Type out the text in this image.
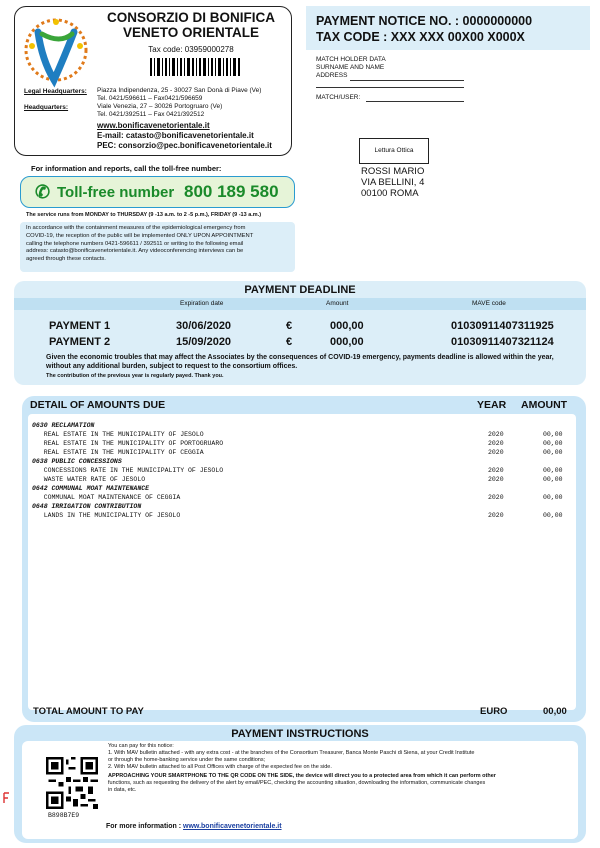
CONSORZIO DI BONIFICA
VENETO ORIENTALE
Tax code: 03959000278
Legal Headquarters: Piazza Indipendenza, 25 - 30027 San Donà di Piave (Ve)
Tel. 0421/596611 – Fax0421/596659
Headquarters:	Viale Venezia, 27 – 30026 Portogruaro (Ve)
Tel. 0421/392511 – Fax 0421/392512
www.bonificavenetorientale.it
E-mail: catasto@bonificavenetorientale.it
PEC: consorzio@pec.bonificavenetorientale.it
PAYMENT NOTICE NO. : 0000000000
TAX CODE : XXX XXX 00X00 X000X
MATCH HOLDER DATA
SURNAME AND NAME
ADDRESS
MATCH/USER:
Lettura Ottica
ROSSI MARIO
VIA BELLINI, 4
00100 ROMA
For information and reports, call the toll-free number:
✆ Toll-free number 800 189 580
The service runs from MONDAY to THURSDAY (9 -13 a.m. to 2 -5 p.m.), FRIDAY (9 -13 a.m.)
In accordance with the containment measures of the epidemiological emergency from
COVID-19, the reception of the public will be implemented ONLY UPON APPOINTMENT
calling the telephone numbers 0421-596611 / 392511 or writing to the following email
address: catasto@bonificavenetorientale.it. Any videoconferencing interviews can be
agreed through these contacts.
PAYMENT DEADLINE
Expiration date	Amount	MAVE code
PAYMENT 1	30/06/2020	€	000,00	01030911407311925
PAYMENT 2	15/09/2020	€	000,00	01030911407321124
Given the economic troubles that may affect the Associates by the consequences of COVID-19 emergency, payments deadline is allowed within the year, without any additional burden, subject to request to the consortium offices.
The contribution of the previous year is regularly payed. Thank you.
DETAIL OF AMOUNTS DUE	YEAR AMOUNT
0630 RECLAMATION
REAL ESTATE IN THE MUNICIPALITY OF JESOLO	2020	00,00
REAL ESTATE IN THE MUNICIPALITY OF PORTOGRUARO	2020	00,00
REAL ESTATE IN THE MUNICIPALITY OF CEGGIA	2020	00,00
0638 PUBLIC CONCESSIONS
CONCESSIONS RATE IN THE MUNICIPALITY OF JESOLO	2020	00,00
WASTE WATER RATE OF JESOLO	2020	00,00
0642 COMMUNAL MOAT MAINTENANCE
COMMUNAL MOAT MAINTENANCE OF CEGGIA	2020	00,00
0648 IRRIGATION CONTRIBUTION
LANDS IN THE MUNICIPALITY OF JESOLO	2020	00,00
TOTAL AMOUNT TO PAY	EURO	00,00
PAYMENT INSTRUCTIONS
B898B7E9
You can pay for this notice:
1. With MAV bulletin attached - with any extra cost - at the branches of the Consortium Treasurer, Banca Monte Paschi di Siena, at your Credit Institute
or through the home-banking service under the same conditions;
2. With MAV bulletin attached to all Post Offices with charge of the expected fee on the side.
APPROACHING YOUR SMARTPHONE TO THE QR CODE ON THE SIDE, the device will direct you to a protected area from which it can perform other
functions, such as requesting the delivery of the alert by email/PEC, checking the accounting situation, downloading the information, communicate changes
in data, etc.
For more information : www.bonificavenetorientale.it
